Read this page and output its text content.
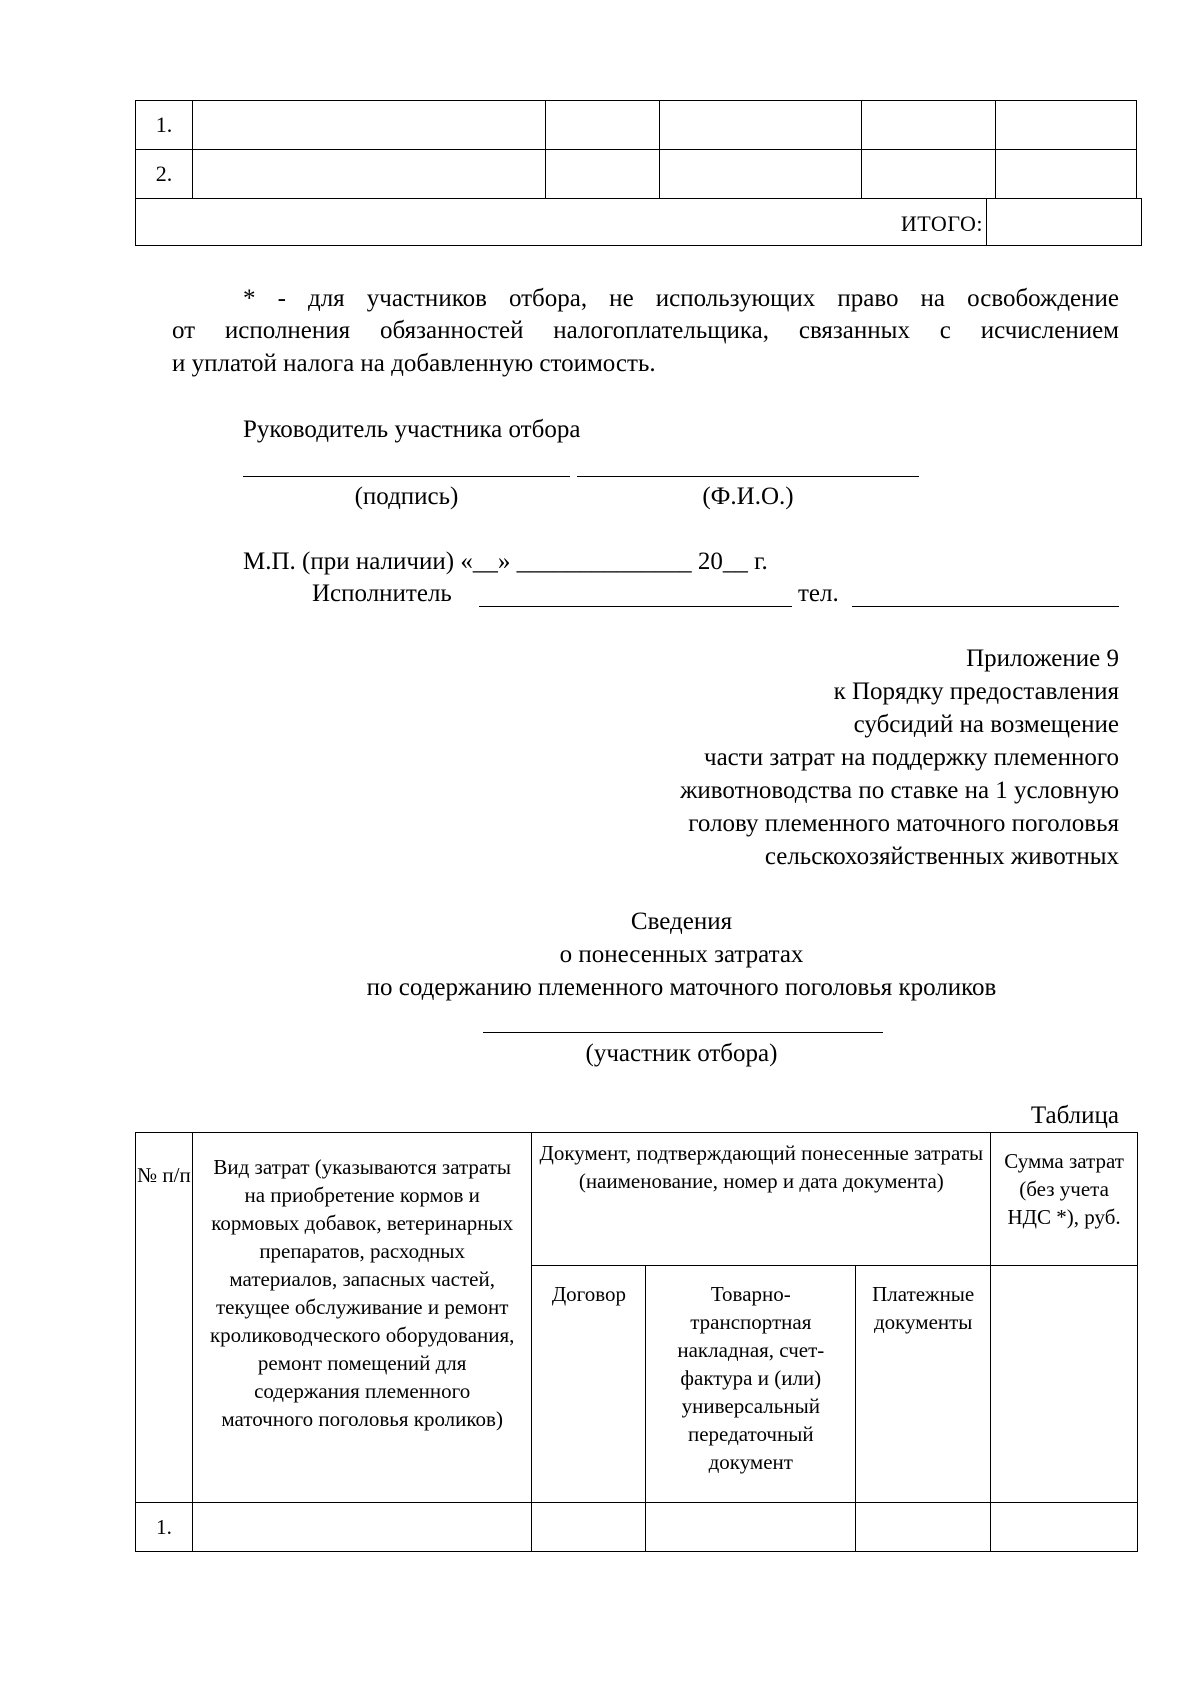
1.					
2.					
ИТОГО:
* - для участников отбора, не использующих право на освобождение
от исполнения обязанностей налогоплательщика, связанных с исчислением
и уплатой налога на добавленную стоимость.
Руководитель участника отбора
(подпись)	(Ф.И.О.)
М.П. (при наличии) «__» ______________ 20__ г.
Исполнитель	тел.
Приложение 9
к Порядку предоставления
субсидий на возмещение
части затрат на поддержку племенного
животноводства по ставке на 1 условную
голову племенного маточного поголовья
сельскохозяйственных животных
Сведения
о понесенных затратах
по содержанию племенного маточного поголовья кроликов
(участник отбора)
Таблица
№ п/п	Вид затрат (указываются затраты на приобретение кормов и кормовых добавок, ветеринарных препаратов, расходных материалов, запасных частей, текущее обслуживание и ремонт кролиководческого оборудования, ремонт помещений для содержания племенного маточного поголовья кроликов)	Документ, подтверждающий понесенные затраты (наименование, номер и дата документа)			Сумма затрат (без учета НДС *), руб.
		Договор	Товарно-транспортная накладная, счет-фактура и (или) универсальный передаточный документ	Платежные документы	
1.					
